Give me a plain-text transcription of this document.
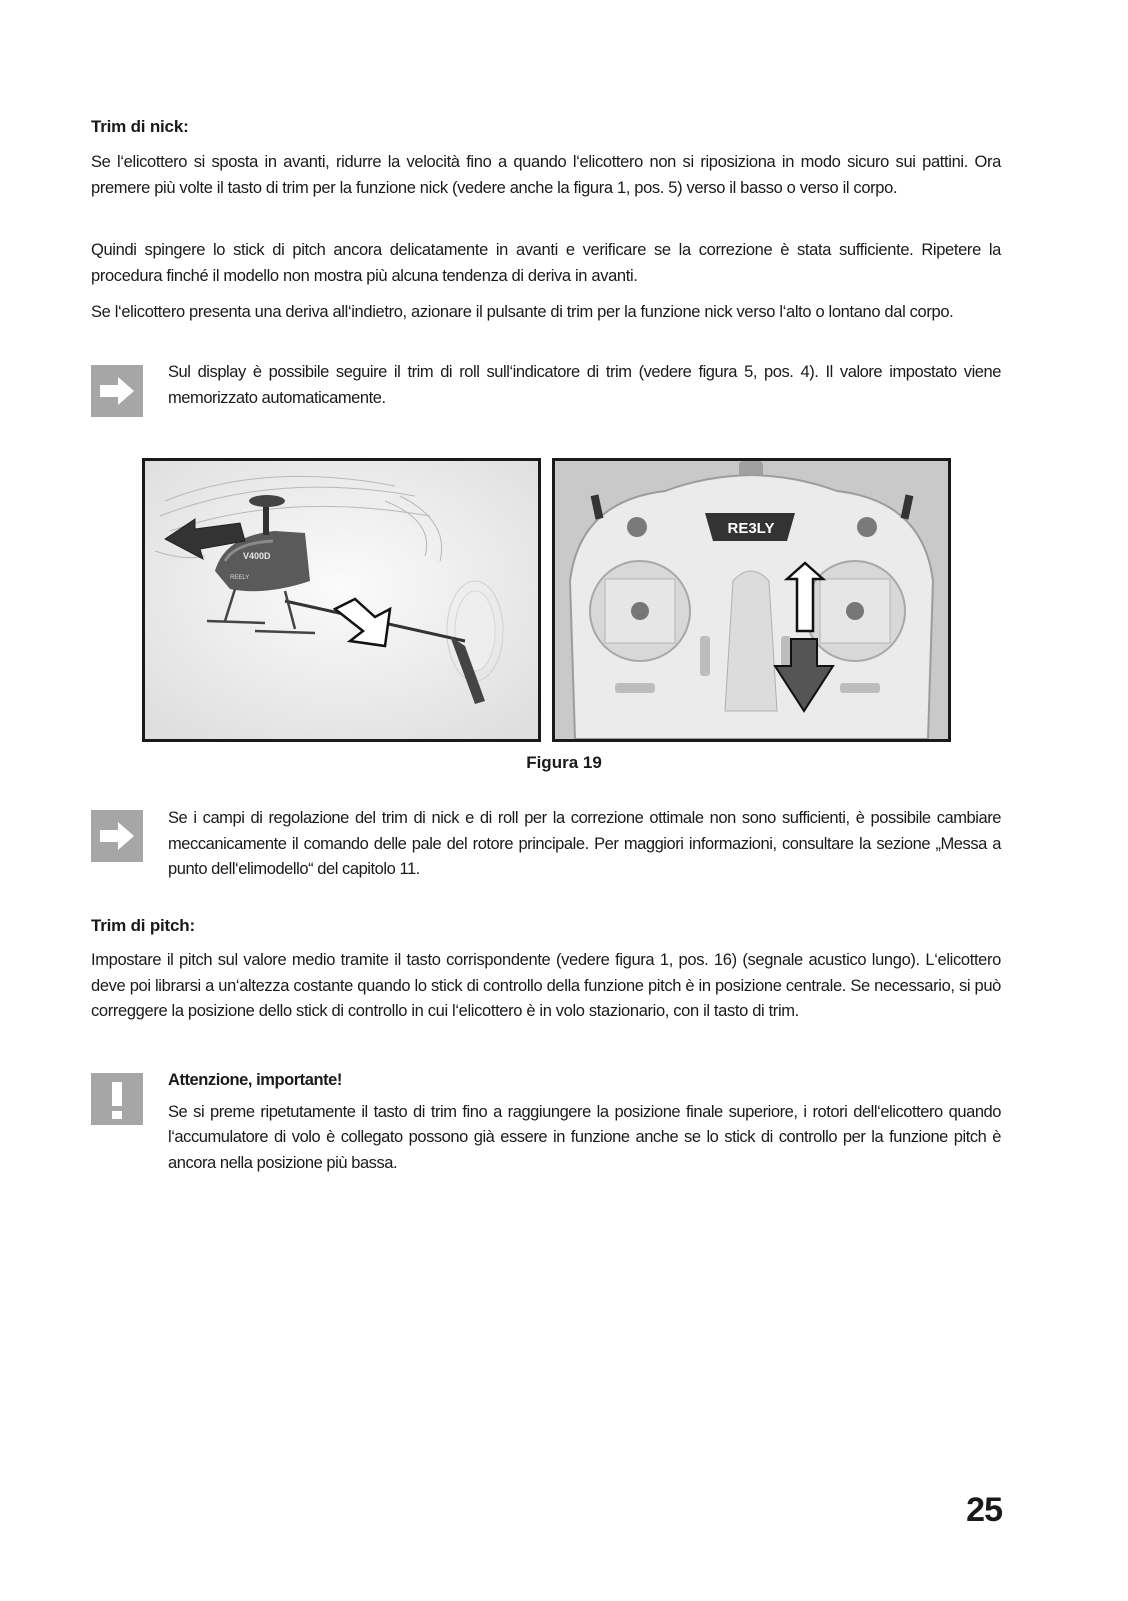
Trim di nick:
Se l‘elicottero si sposta in avanti, ridurre la velocità fino a quando l‘elicottero non si riposiziona in modo sicuro sui pattini. Ora premere più volte il tasto di trim per la funzione nick (vedere anche la figura 1, pos. 5) verso il basso o verso il corpo.
Quindi spingere lo stick di pitch ancora delicatamente in avanti e verificare se la correzione è stata sufficiente. Ripetere la procedura finché il modello non mostra più alcuna tendenza di deriva in avanti.
Se l‘elicottero presenta una deriva all‘indietro, azionare il pulsante di trim per la funzione nick verso l‘alto o lontano dal corpo.
Sul display è possibile seguire il trim di roll sull‘indicatore di trim (vedere figura 5, pos. 4). Il valore impostato viene memorizzato automaticamente.
V400D
REELY
RE3LY
Figura 19
Se i campi di regolazione del trim di nick e di roll per la correzione ottimale non sono sufficienti, è possibile cambiare meccanicamente il comando delle pale del rotore principale. Per maggiori informazioni, consultare la sezione „Messa a punto dell‘elimodello“ del capitolo 11.
Trim di pitch:
Impostare il pitch sul valore medio tramite il tasto corrispondente (vedere figura 1, pos. 16) (segnale acustico lungo). L‘elicottero deve poi librarsi a un‘altezza costante quando lo stick di controllo della funzione pitch è in posizione centrale. Se necessario, si può correggere la posizione dello stick di controllo in cui l‘elicottero è in volo stazionario, con il tasto di trim.
Attenzione, importante!
Se si preme ripetutamente il tasto di trim fino a raggiungere la posizione finale superiore, i rotori dell‘elicottero quando l‘accumulatore di volo è collegato possono già essere in funzione anche se lo stick di controllo per la funzione pitch è ancora nella posizione più bassa.
25
